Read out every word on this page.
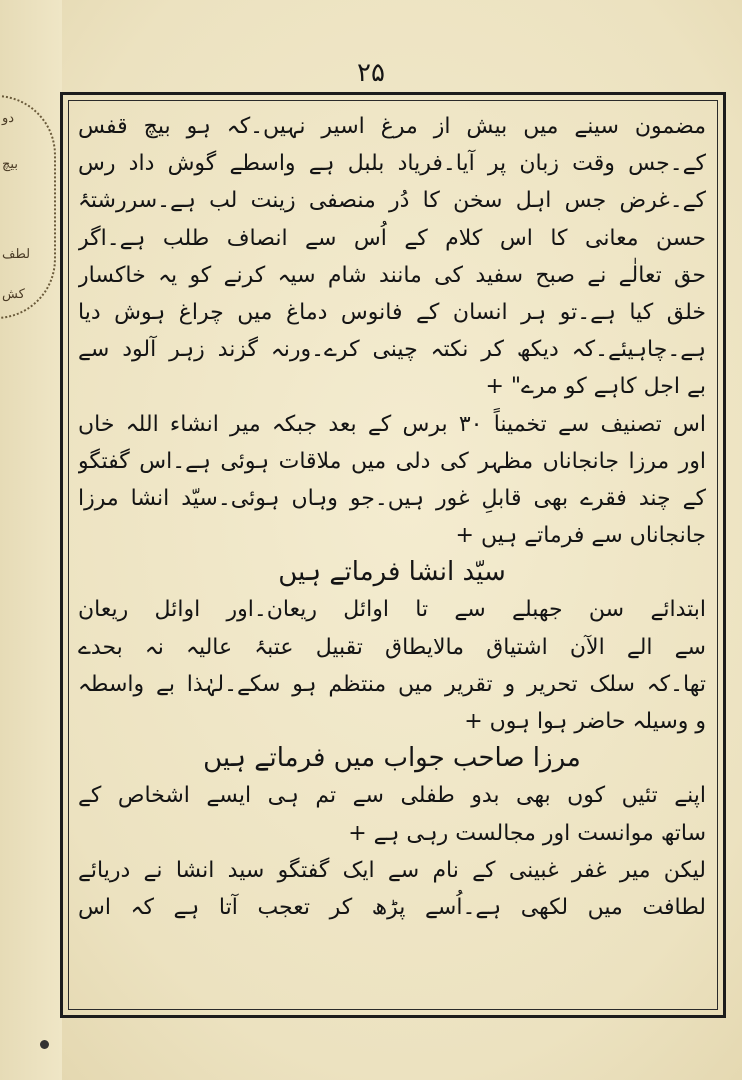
دو
بیچ
لطف
کش
۲۵
مضمون سینے میں بیش از مرغ اسیر نہیں۔کہ ہو بیچ قفس
کے۔جس وقت زبان پر آیا۔فریاد بلبل ہے واسطے گوش داد رس
کے۔غرض جس اہل سخن کا دُر منصفی زینت لب ہے۔سررشتۂ
حسن معانی کا اس کلام کے اُس سے انصاف طلب ہے۔اگر
حق تعالٰے نے صبح سفید کی مانند شام سیہ کرنے کو یہ خاکسار
خلق کیا ہے۔تو ہر انسان کے فانوس دماغ میں چراغ ہوش دیا
ہے۔چاہیئے۔کہ دیکھ کر نکتہ چینی کرے۔ورنہ گزند زہر آلود سے
بے اجل کاہے کو مرے" +
اس تصنیف سے تخمیناً ۳۰ برس کے بعد جبکہ میر انشاء اللہ خاں
اور مرزا جانجاناں مظہر کی دلی میں ملاقات ہوئی ہے۔اس گفتگو
کے چند فقرے بھی قابلِ غور ہیں۔جو وہاں ہوئی۔سیّد انشا مرزا
جانجاناں سے فرماتے ہیں +
سیّد انشا فرماتے ہیں
ابتدائے سن جھبلے سے تا اوائل ریعان۔اور اوائل ریعان
سے الے الآن اشتیاق مالایطاق تقبیل عتبۂ عالیہ نہ بحدے
تھا۔کہ سلک تحریر و تقریر میں منتظم ہو سکے۔لہٰذا بے واسطہ
و وسیلہ حاضر ہوا ہوں +
مرزا صاحب جواب میں فرماتے ہیں
اپنے تئیں کوں بھی بدو طفلی سے تم ہی ایسے اشخاص کے
ساتھ موانست اور مجالست رہی ہے +
لیکن میر غفر غبینی کے نام سے ایک گفتگو سید انشا نے دریائے
لطافت میں لکھی ہے۔اُسے پڑھ کر تعجب آتا ہے کہ اس
